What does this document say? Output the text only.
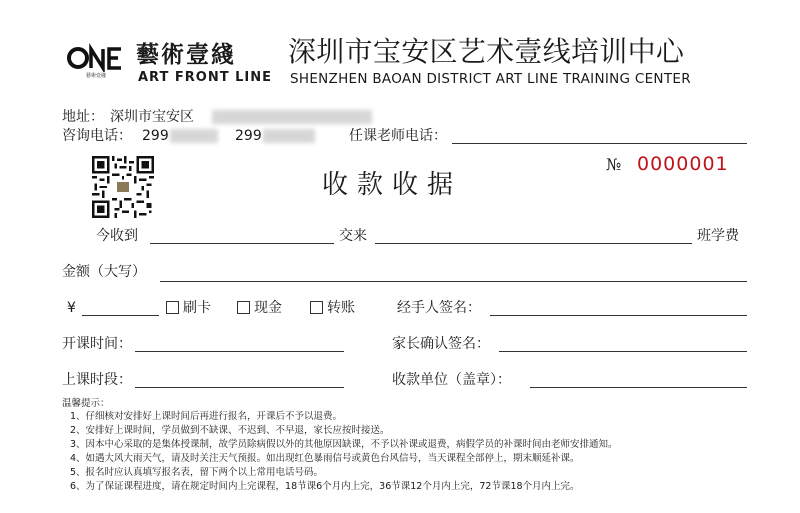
藝術壹綫
ART FRONT LINE
藝術壹綫
深圳市宝安区艺术壹线培训中心
SHENZHEN BAOAN DISTRICT ART LINE TRAINING CENTER
地址： 深圳市宝安区
咨询电话： 299	299	任课老师电话：
收款收据
№ 0000001
今收到	交来	班学费
金额（大写）
¥	刷卡	现金	转账	经手人签名：
开课时间：	家长确认签名：
上课时段：	收款单位（盖章）：
温馨提示：
1、仔细核对安排好上课时间后再进行报名，开课后不予以退费。
2、安排好上课时间，学员做到不缺课、不迟到、不早退，家长应按时接送。
3、因本中心采取的是集体授课制，故学员除病假以外的其他原因缺课，不予以补课或退费，病假学员的补课时间由老师安排通知。
4、如遇大风大雨天气，请及时关注天气预报。如出现红色暴雨信号或黄色台风信号，当天课程全部停上，期末顺延补课。
5、报名时应认真填写报名表，留下两个以上常用电话号码。
6、为了保证课程进度，请在规定时间内上完课程，18节课6个月内上完，36节课12个月内上完，72节课18个月内上完。
